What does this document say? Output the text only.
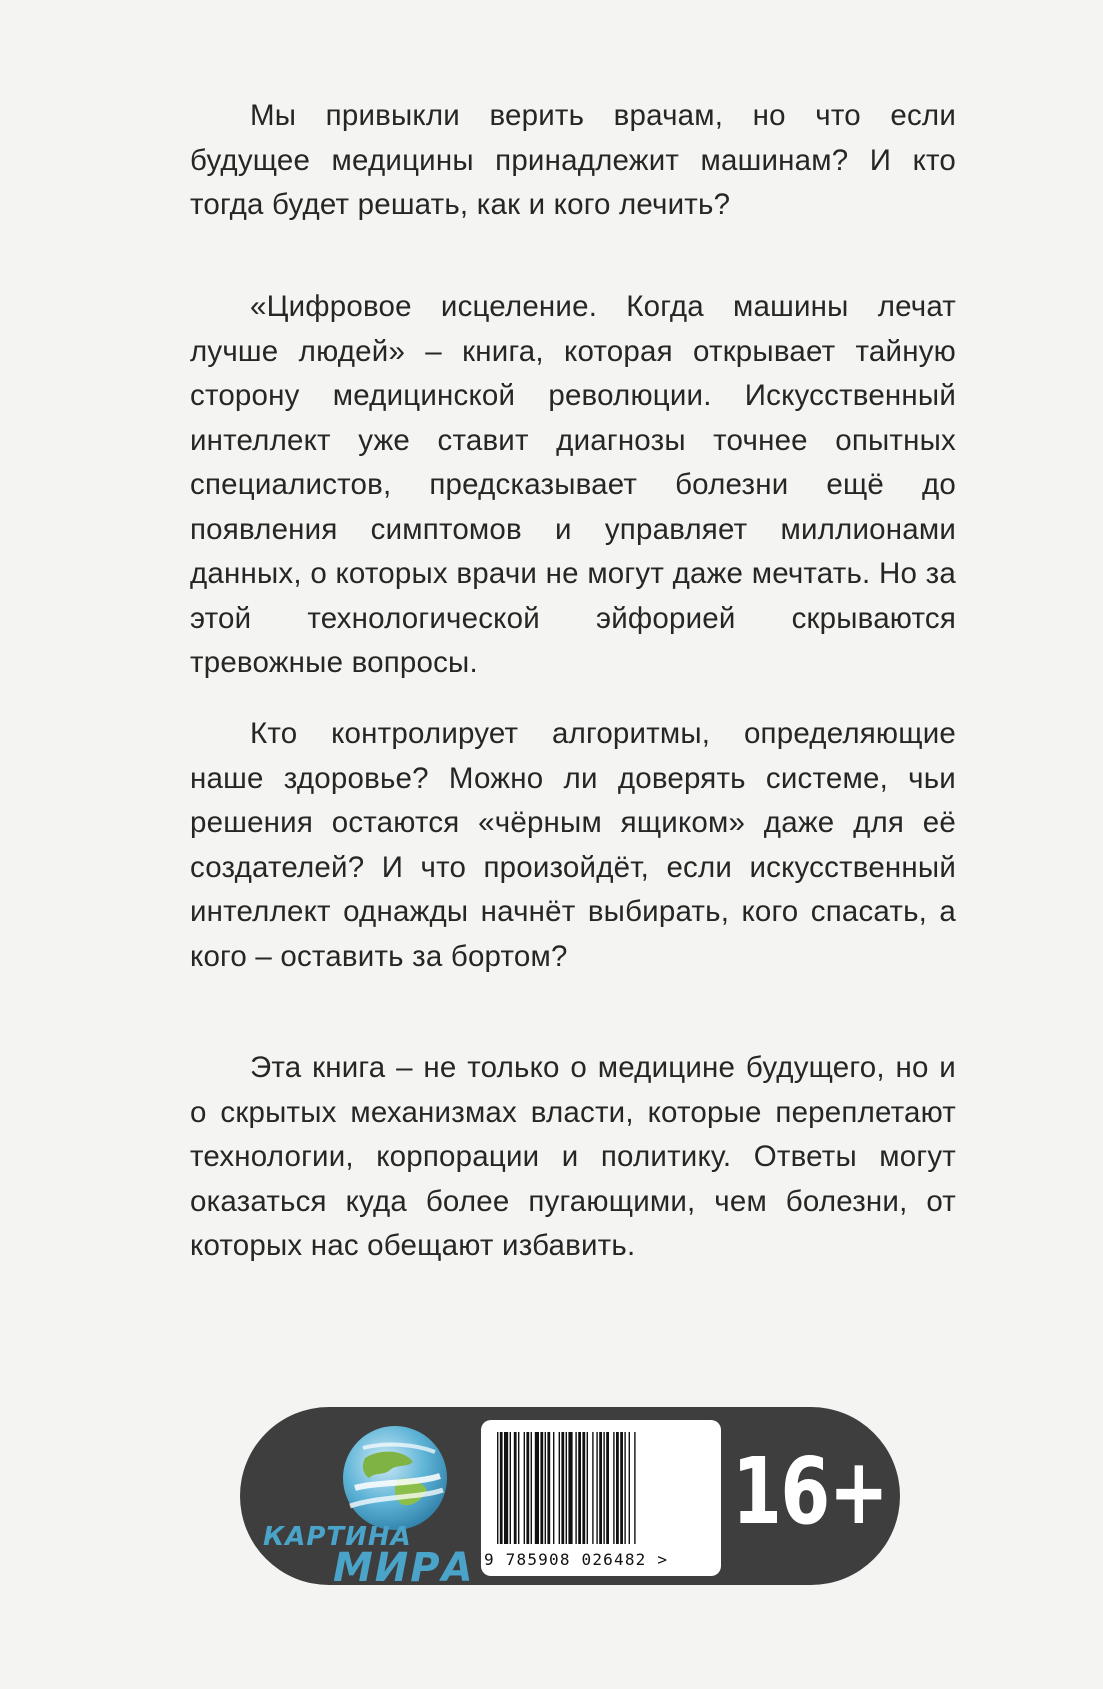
Мы привыкли верить врачам, но что если будущее медицины принадлежит машинам? И кто тогда будет решать, как и кого лечить?

«Цифровое исцеление. Когда машины лечат лучше людей» – книга, которая открывает тайную сторону медицинской революции. Искусственный интеллект уже ставит диагнозы точнее опытных специалистов, предсказывает болезни ещё до появления симптомов и управляет миллионами данных, о которых врачи не могут даже мечтать. Но за этой технологической эйфорией скрываются тревожные вопросы.

Кто контролирует алгоритмы, определяющие наше здоровье? Можно ли доверять системе, чьи решения остаются «чёрным ящиком» даже для её создателей? И что произойдёт, если искусственный интеллект однажды начнёт выбирать, кого спасать, а кого – оставить за бортом?

Эта книга – не только о медицине будущего, но и о скрытых механизмах власти, которые переплетают технологии, корпорации и политику. Ответы могут оказаться куда более пугающими, чем болезни, от которых нас обещают избавить.

КАРТИНА
МИРА 9 785908 026482 >
16+
